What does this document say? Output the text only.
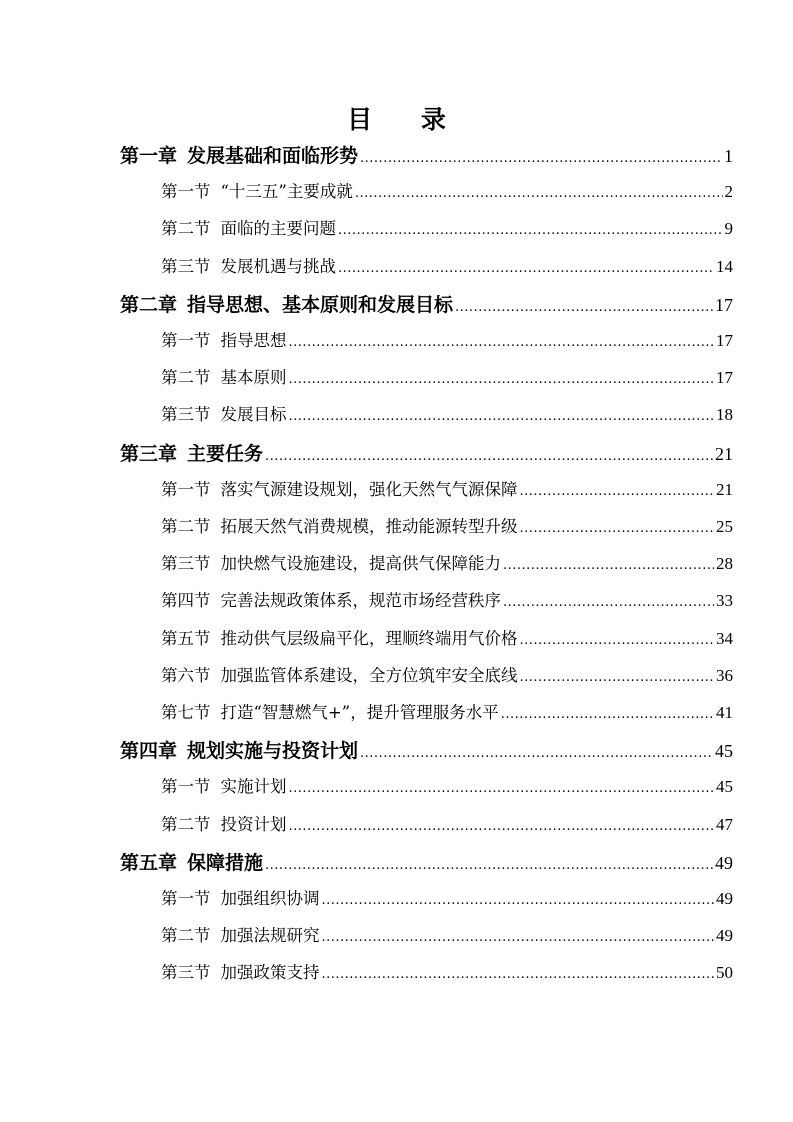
目 录
第一章 发展基础和面临形势 .....	1
第一节 “十三五”主要成就 .....	2
第二节 面临的主要问题 .....	9
第三节 发展机遇与挑战 .....	14
第二章 指导思想、基本原则和发展目标 .....	17
第一节 指导思想 .....	17
第二节 基本原则 .....	17
第三节 发展目标 .....	18
第三章 主要任务 .....	21
第一节 落实气源建设规划，强化天然气气源保障 .....	21
第二节 拓展天然气消费规模，推动能源转型升级 .....	25
第三节 加快燃气设施建设，提高供气保障能力 .....	28
第四节 完善法规政策体系，规范市场经营秩序 .....	33
第五节 推动供气层级扁平化，理顺终端用气价格 .....	34
第六节 加强监管体系建设，全方位筑牢安全底线 .....	36
第七节 打造“智慧燃气+”，提升管理服务水平 .....	41
第四章 规划实施与投资计划 .....	45
第一节 实施计划 .....	45
第二节 投资计划 .....	47
第五章 保障措施 .....	49
第一节 加强组织协调 .....	49
第二节 加强法规研究 .....	49
第三节 加强政策支持 .....	50
